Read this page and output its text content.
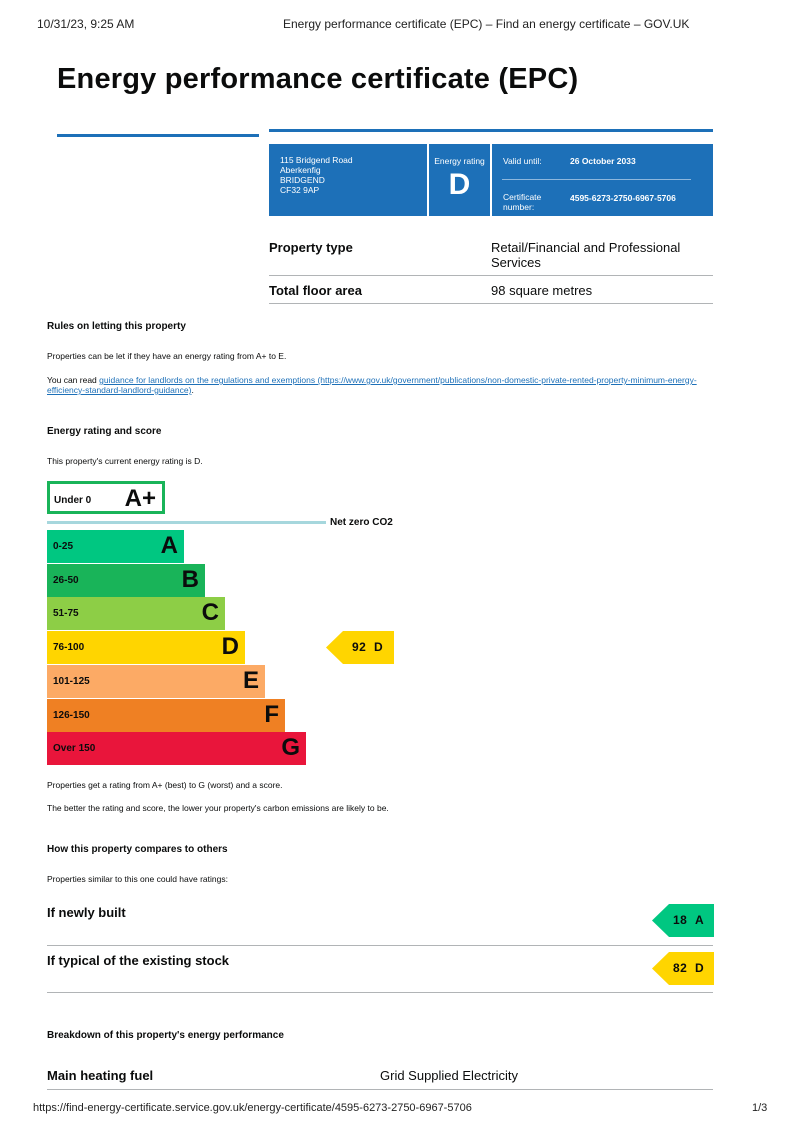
10/31/23, 9:25 AM	Energy performance certificate (EPC) – Find an energy certificate – GOV.UK
Energy performance certificate (EPC)
115 Bridgend Road
Aberkenfig
BRIDGEND
CF32 9AP
Energy rating
D
Valid until:	26 October 2033
Certificate number:
4595-6273-2750-6967-5706
Property type	Retail/Financial and Professional Services
Total floor area	98 square metres
Rules on letting this property
Properties can be let if they have an energy rating from A+ to E.
You can read guidance for landlords on the regulations and exemptions (https://www.gov.uk/government/publications/non-domestic-private-rented-property-minimum-energy-efficiency-standard-landlord-guidance).
Energy rating and score
This property's current energy rating is D.
Under 0 A+
Net zero CO2
0-25	A
26-50	B
51-75	C
76-100	D
101-125	E
126-150	F
Over 150	G
92 D
Properties get a rating from A+ (best) to G (worst) and a score.
The better the rating and score, the lower your property's carbon emissions are likely to be.
How this property compares to others
Properties similar to this one could have ratings:
If newly built	18 A
If typical of the existing stock	82 D
Breakdown of this property's energy performance
Main heating fuel	Grid Supplied Electricity
https://find-energy-certificate.service.gov.uk/energy-certificate/4595-6273-2750-6967-5706	1/3
